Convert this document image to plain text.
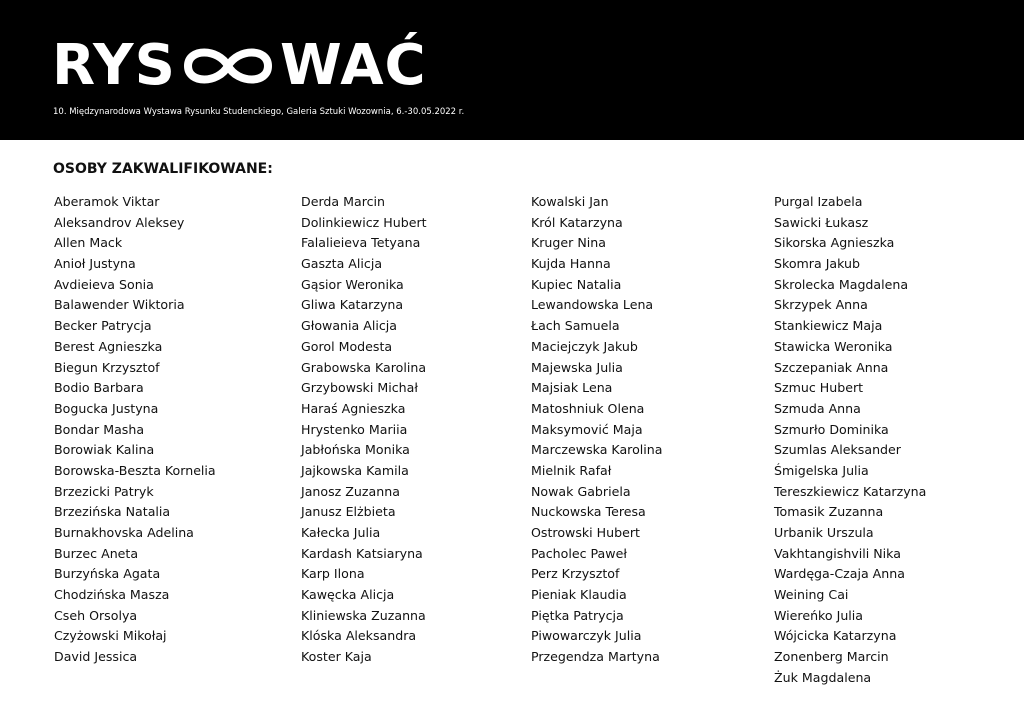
RYS WAĆ
10. Międzynarodowa Wystawa Rysunku Studenckiego, Galeria Sztuki Wozownia, 6.-30.05.2022 r.
OSOBY ZAKWALIFIKOWANE:
Aberamok Viktar
Aleksandrov Aleksey
Allen Mack
Anioł Justyna
Avdieieva Sonia
Balawender Wiktoria
Becker Patrycja
Berest Agnieszka
Biegun Krzysztof
Bodio Barbara
Bogucka Justyna
Bondar Masha
Borowiak Kalina
Borowska-Beszta Kornelia
Brzezicki Patryk
Brzezińska Natalia
Burnakhovska Adelina
Burzec Aneta
Burzyńska Agata
Chodzińska Masza
Cseh Orsolya
Czyżowski Mikołaj
David Jessica
Derda Marcin
Dolinkiewicz Hubert
Falalieieva Tetyana
Gaszta Alicja
Gąsior Weronika
Gliwa Katarzyna
Głowania Alicja
Gorol Modesta
Grabowska Karolina
Grzybowski Michał
Haraś Agnieszka
Hrystenko Mariia
Jabłońska Monika
Jajkowska Kamila
Janosz Zuzanna
Janusz Elżbieta
Kałecka Julia
Kardash Katsiaryna
Karp Ilona
Kawęcka Alicja
Kliniewska Zuzanna
Klóska Aleksandra
Koster Kaja
Kowalski Jan
Król Katarzyna
Kruger Nina
Kujda Hanna
Kupiec Natalia
Lewandowska Lena
Łach Samuela
Maciejczyk Jakub
Majewska Julia
Majsiak Lena
Matoshniuk Olena
Maksymović Maja
Marczewska Karolina
Mielnik Rafał
Nowak Gabriela
Nuckowska Teresa
Ostrowski Hubert
Pacholec Paweł
Perz Krzysztof
Pieniak Klaudia
Piętka Patrycja
Piwowarczyk Julia
Przegendza Martyna
Purgal Izabela
Sawicki Łukasz
Sikorska Agnieszka
Skomra Jakub
Skrolecka Magdalena
Skrzypek Anna
Stankiewicz Maja
Stawicka Weronika
Szczepaniak Anna
Szmuc Hubert
Szmuda Anna
Szmurło Dominika
Szumlas Aleksander
Śmigelska Julia
Tereszkiewicz Katarzyna
Tomasik Zuzanna
Urbanik Urszula
Vakhtangishvili Nika
Wardęga-Czaja Anna
Weining Cai
Wiereńko Julia
Wójcicka Katarzyna
Zonenberg Marcin
Żuk Magdalena
